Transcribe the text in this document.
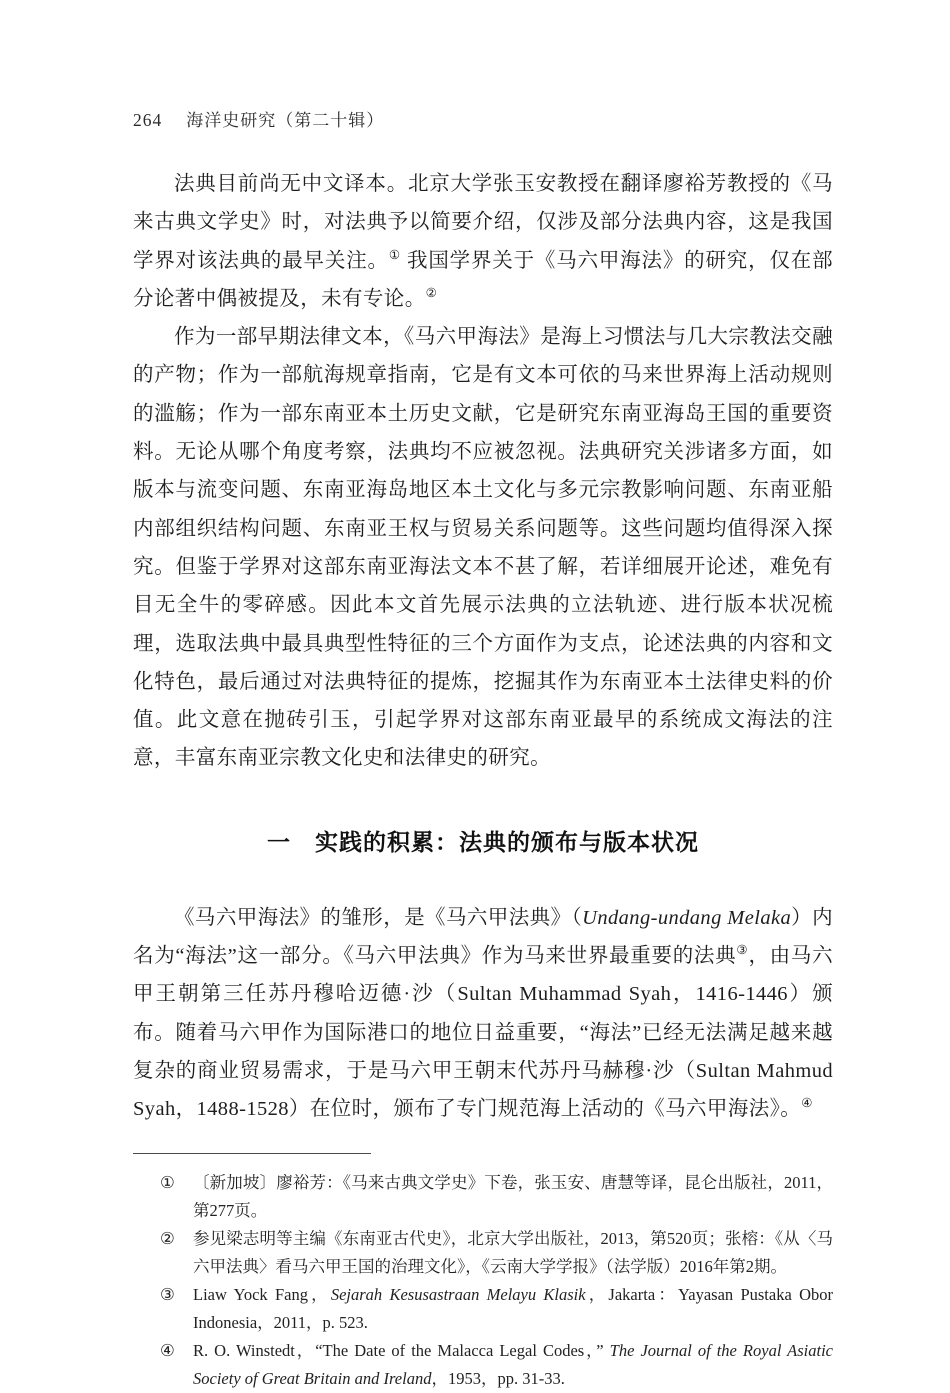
264 海洋史研究（第二十辑）

法典目前尚无中文译本。北京大学张玉安教授在翻译廖裕芳教授的《马来古典文学史》时，对法典予以简要介绍，仅涉及部分法典内容，这是我国学界对该法典的最早关注。① 我国学界关于《马六甲海法》的研究，仅在部分论著中偶被提及，未有专论。②

作为一部早期法律文本，《马六甲海法》是海上习惯法与几大宗教法交融的产物；作为一部航海规章指南，它是有文本可依的马来世界海上活动规则的滥觞；作为一部东南亚本土历史文献，它是研究东南亚海岛王国的重要资料。无论从哪个角度考察，法典均不应被忽视。法典研究关涉诸多方面，如版本与流变问题、东南亚海岛地区本土文化与多元宗教影响问题、东南亚船内部组织结构问题、东南亚王权与贸易关系问题等。这些问题均值得深入探究。但鉴于学界对这部东南亚海法文本不甚了解，若详细展开论述，难免有目无全牛的零碎感。因此本文首先展示法典的立法轨迹、进行版本状况梳理，选取法典中最具典型性特征的三个方面作为支点，论述法典的内容和文化特色，最后通过对法典特征的提炼，挖掘其作为东南亚本土法律史料的价值。此文意在抛砖引玉，引起学界对这部东南亚最早的系统成文海法的注意，丰富东南亚宗教文化史和法律史的研究。

一　实践的积累：法典的颁布与版本状况

《马六甲海法》的雏形，是《马六甲法典》（Undang-undang Melaka）内名为“海法”这一部分。《马六甲法典》作为马来世界最重要的法典③，由马六甲王朝第三任苏丹穆哈迈德·沙（Sultan Muhammad Syah，1416-1446）颁布。随着马六甲作为国际港口的地位日益重要，“海法”已经无法满足越来越复杂的商业贸易需求，于是马六甲王朝末代苏丹马赫穆·沙（Sultan Mahmud Syah，1488-1528）在位时，颁布了专门规范海上活动的《马六甲海法》。④

①	〔新加坡〕廖裕芳：《马来古典文学史》下卷，张玉安、唐慧等译，昆仑出版社，2011，第277页。
②	参见梁志明等主编《东南亚古代史》，北京大学出版社，2013，第520页；张榕：《从〈马六甲法典〉看马六甲王国的治理文化》，《云南大学学报》（法学版）2016年第2期。
③	Liaw Yock Fang，Sejarah Kesusastraan Melayu Klasik，Jakarta：Yayasan Pustaka Obor Indonesia，2011，p. 523.
④	R. O. Winstedt，“The Date of the Malacca Legal Codes，” The Journal of the Royal Asiatic Society of Great Britain and Ireland，1953，pp. 31-33.
